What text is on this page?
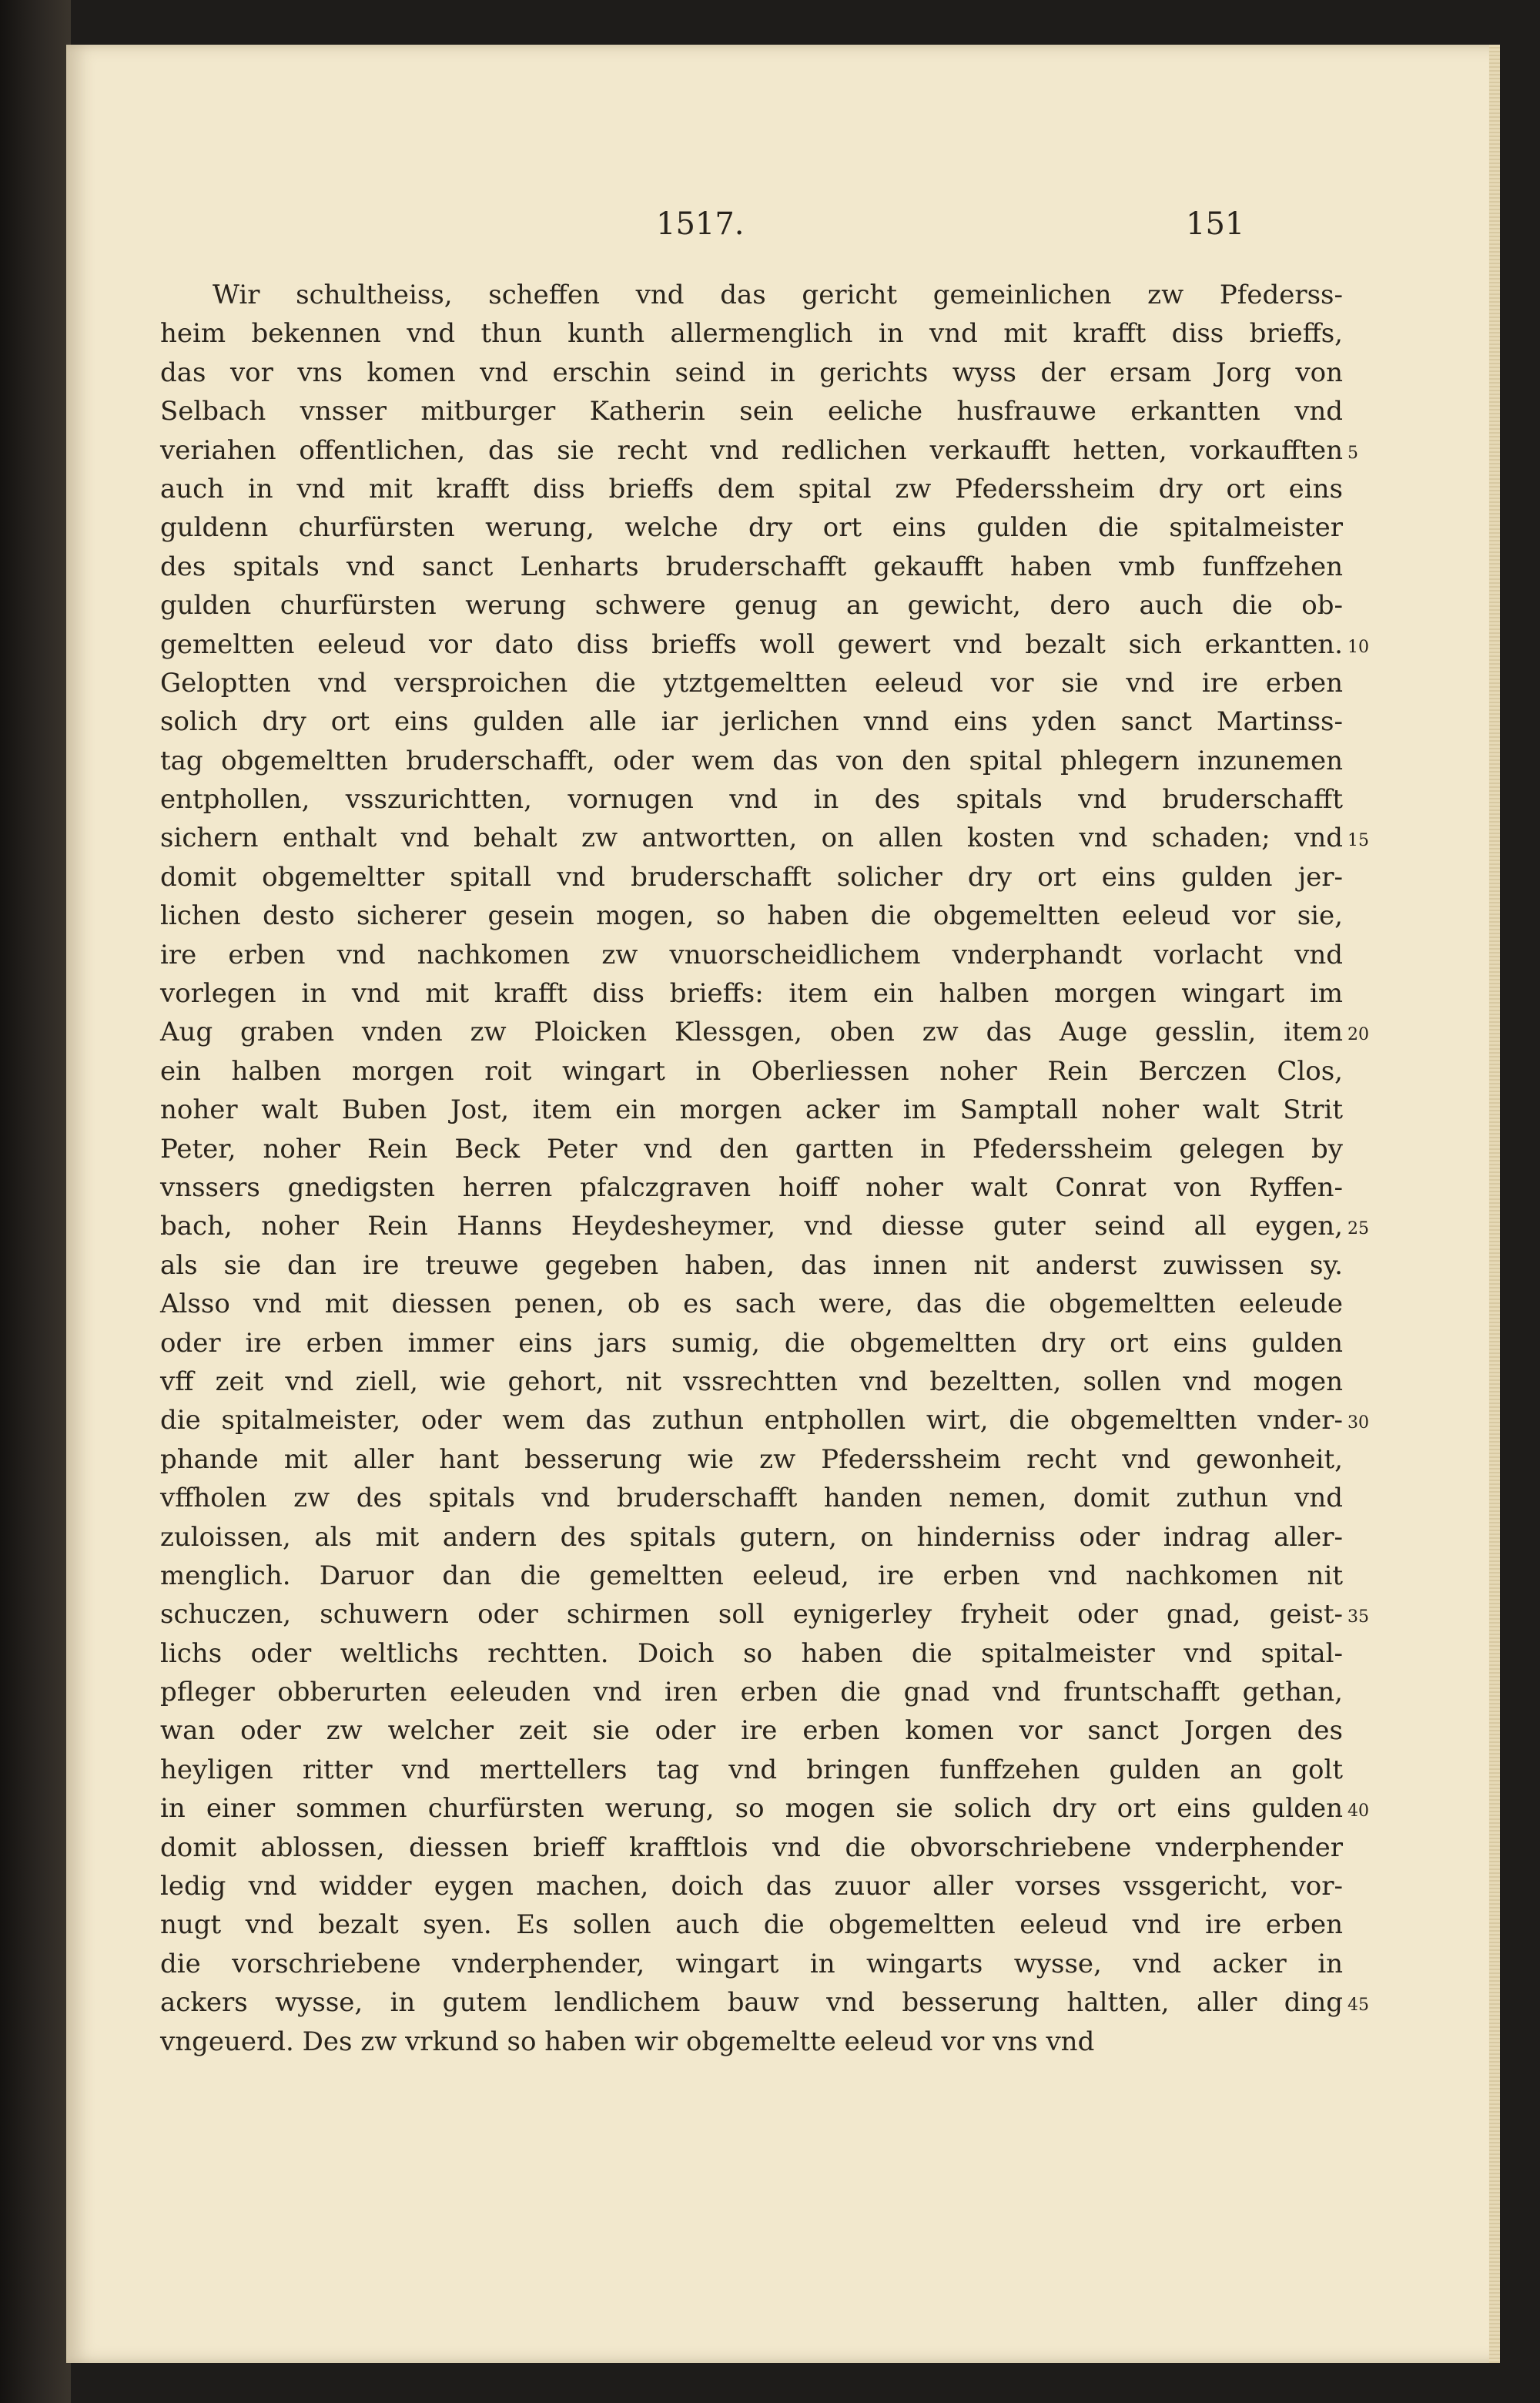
1517.	151
Wir schultheiss, scheffen vnd das gericht gemeinlichen zw Pfederss-
heim bekennen vnd thun kunth allermenglich in vnd mit krafft diss brieffs,
das vor vns komen vnd erschin seind in gerichts wyss der ersam Jorg von
Selbach vnsser mitburger Katherin sein eeliche husfrauwe erkantten vnd
veriahen offentlichen, das sie recht vnd redlichen verkaufft hetten, vorkaufften 5
auch in vnd mit krafft diss brieffs dem spital zw Pfederssheim dry ort eins
guldenn churfürsten werung, welche dry ort eins gulden die spitalmeister
des spitals vnd sanct Lenharts bruderschafft gekaufft haben vmb funffzehen
gulden churfürsten werung schwere genug an gewicht, dero auch die ob-
gemeltten eeleud vor dato diss brieffs woll gewert vnd bezalt sich erkantten. 10
Geloptten vnd versproichen die ytztgemeltten eeleud vor sie vnd ire erben
solich dry ort eins gulden alle iar jerlichen vnnd eins yden sanct Martinss-
tag obgemeltten bruderschafft, oder wem das von den spital phlegern inzunemen
entphollen, vsszurichtten, vornugen vnd in des spitals vnd bruderschafft
sichern enthalt vnd behalt zw antwortten, on allen kosten vnd schaden; vnd 15
domit obgemeltter spitall vnd bruderschafft solicher dry ort eins gulden jer-
lichen desto sicherer gesein mogen, so haben die obgemeltten eeleud vor sie,
ire erben vnd nachkomen zw vnuorscheidlichem vnderphandt vorlacht vnd
vorlegen in vnd mit krafft diss brieffs: item ein halben morgen wingart im
Aug graben vnden zw Ploicken Klessgen, oben zw das Auge gesslin, item 20
ein halben morgen roit wingart in Oberliessen noher Rein Berczen Clos,
noher walt Buben Jost, item ein morgen acker im Samptall noher walt Strit
Peter, noher Rein Beck Peter vnd den gartten in Pfederssheim gelegen by
vnssers gnedigsten herren pfalczgraven hoiff noher walt Conrat von Ryffen-
bach, noher Rein Hanns Heydesheymer, vnd diesse guter seind all eygen, 25
als sie dan ire treuwe gegeben haben, das innen nit anderst zuwissen sy.
Alsso vnd mit diessen penen, ob es sach were, das die obgemeltten eeleude
oder ire erben immer eins jars sumig, die obgemeltten dry ort eins gulden
vff zeit vnd ziell, wie gehort, nit vssrechtten vnd bezeltten, sollen vnd mogen
die spitalmeister, oder wem das zuthun entphollen wirt, die obgemeltten vnder- 30
phande mit aller hant besserung wie zw Pfederssheim recht vnd gewonheit,
vffholen zw des spitals vnd bruderschafft handen nemen, domit zuthun vnd
zuloissen, als mit andern des spitals gutern, on hinderniss oder indrag aller-
menglich. Daruor dan die gemeltten eeleud, ire erben vnd nachkomen nit
schuczen, schuwern oder schirmen soll eynigerley fryheit oder gnad, geist- 35
lichs oder weltlichs rechtten. Doich so haben die spitalmeister vnd spital-
pfleger obberurten eeleuden vnd iren erben die gnad vnd fruntschafft gethan,
wan oder zw welcher zeit sie oder ire erben komen vor sanct Jorgen des
heyligen ritter vnd merttellers tag vnd bringen funffzehen gulden an golt
in einer sommen churfürsten werung, so mogen sie solich dry ort eins gulden 40
domit ablossen, diessen brieff krafftlois vnd die obvorschriebene vnderphender
ledig vnd widder eygen machen, doich das zuuor aller vorses vssgericht, vor-
nugt vnd bezalt syen. Es sollen auch die obgemeltten eeleud vnd ire erben
die vorschriebene vnderphender, wingart in wingarts wysse, vnd acker in
ackers wysse, in gutem lendlichem bauw vnd besserung haltten, aller ding 45
vngeuerd. Des zw vrkund so haben wir obgemeltte eeleud vor vns vnd
